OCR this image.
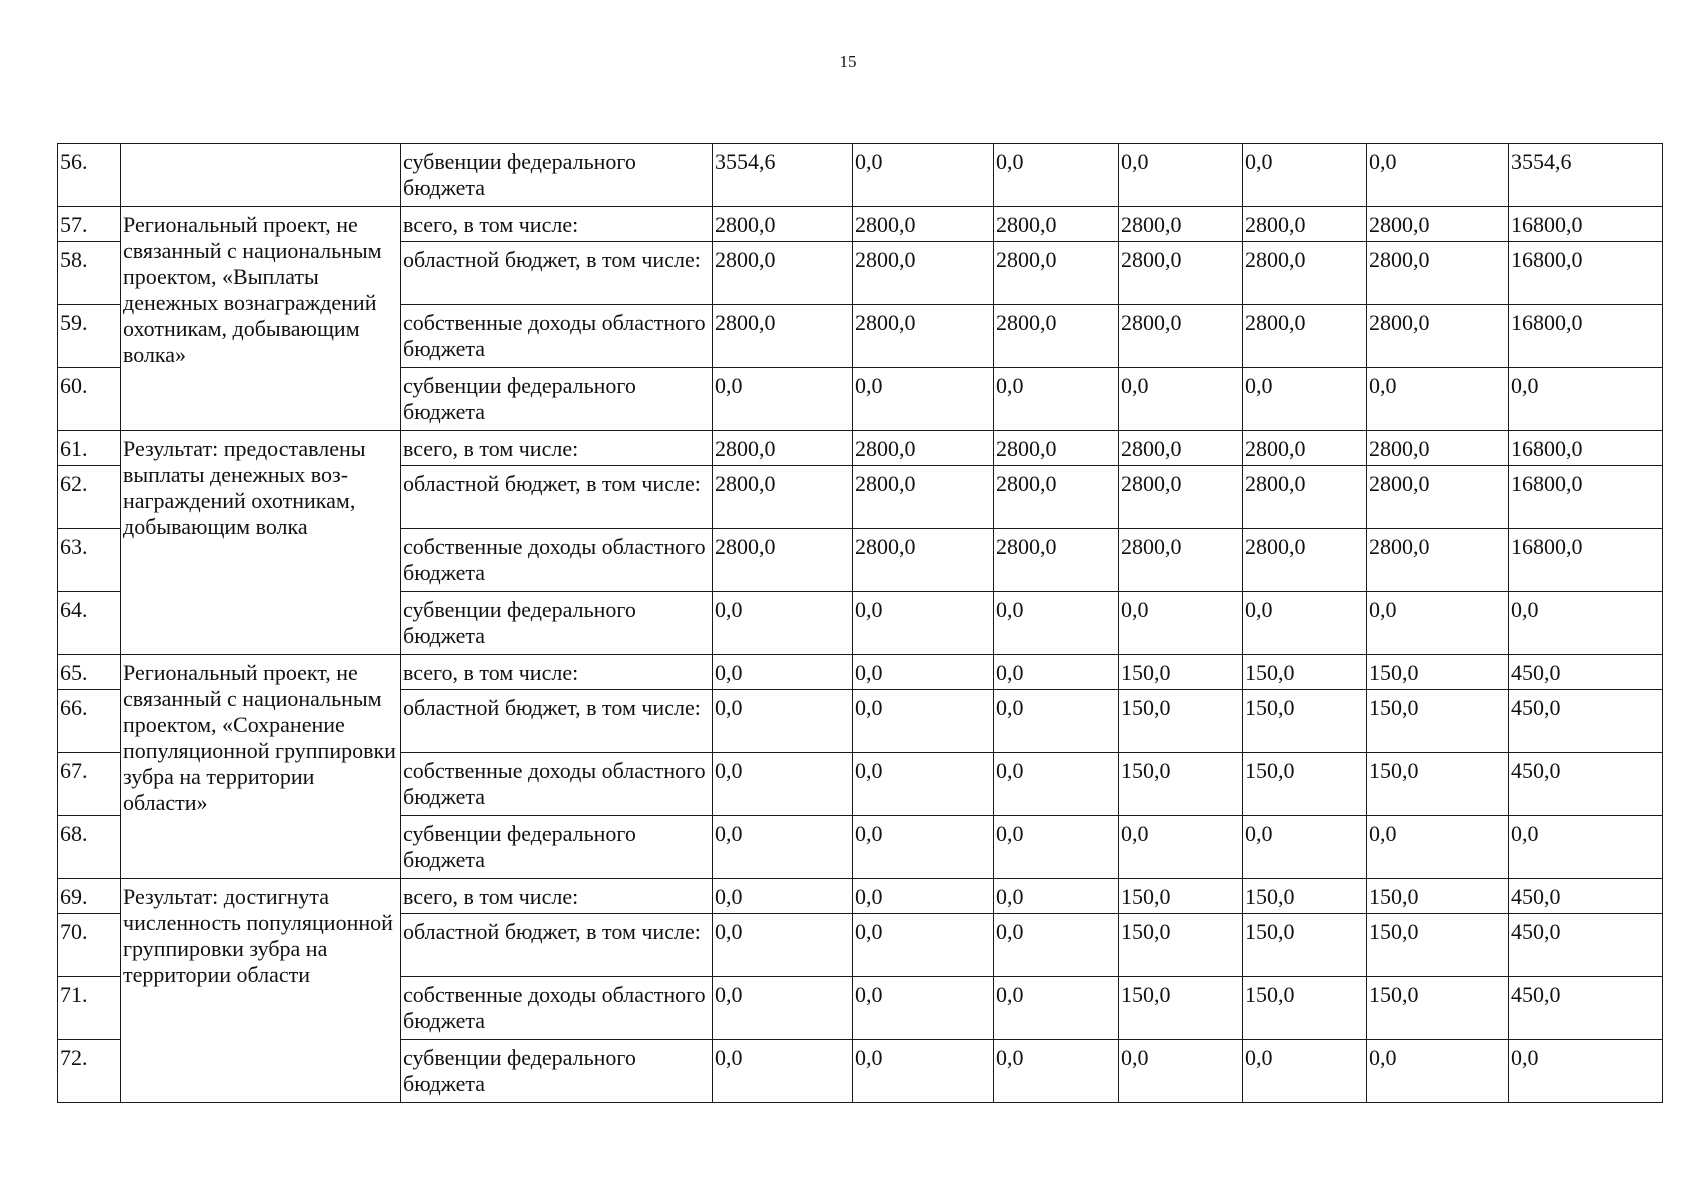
15
56.		субвенции федерального бюджета	3554,6	0,0	0,0	0,0	0,0	0,0	3554,6
57.	Региональный проект, не связанный с национальным проектом, «Выплаты денежных вознаграждений охотникам, добывающим волка»	всего, в том числе:	2800,0	2800,0	2800,0	2800,0	2800,0	2800,0	16800,0
58.		областной бюджет, в том числе:	2800,0	2800,0	2800,0	2800,0	2800,0	2800,0	16800,0
59.		собственные доходы областного бюджета	2800,0	2800,0	2800,0	2800,0	2800,0	2800,0	16800,0
60.		субвенции федерального бюджета	0,0	0,0	0,0	0,0	0,0	0,0	0,0
61.	Результат: предоставлены выплаты денежных вознаграждений охотникам, добывающим волка	всего, в том числе:	2800,0	2800,0	2800,0	2800,0	2800,0	2800,0	16800,0
62.		областной бюджет, в том числе:	2800,0	2800,0	2800,0	2800,0	2800,0	2800,0	16800,0
63.		собственные доходы областного бюджета	2800,0	2800,0	2800,0	2800,0	2800,0	2800,0	16800,0
64.		субвенции федерального бюджета	0,0	0,0	0,0	0,0	0,0	0,0	0,0
65.	Региональный проект, не связанный с национальным проектом, «Сохранение популяционной группировки зубра на территории области»	всего, в том числе:	0,0	0,0	0,0	150,0	150,0	150,0	450,0
66.		областной бюджет, в том числе:	0,0	0,0	0,0	150,0	150,0	150,0	450,0
67.		собственные доходы областного бюджета	0,0	0,0	0,0	150,0	150,0	150,0	450,0
68.		субвенции федерального бюджета	0,0	0,0	0,0	0,0	0,0	0,0	0,0
69.	Результат: достигнута численность популяционной группировки зубра на территории области	всего, в том числе:	0,0	0,0	0,0	150,0	150,0	150,0	450,0
70.		областной бюджет, в том числе:	0,0	0,0	0,0	150,0	150,0	150,0	450,0
71.		собственные доходы областного бюджета	0,0	0,0	0,0	150,0	150,0	150,0	450,0
72.		субвенции федерального бюджета	0,0	0,0	0,0	0,0	0,0	0,0	0,0
